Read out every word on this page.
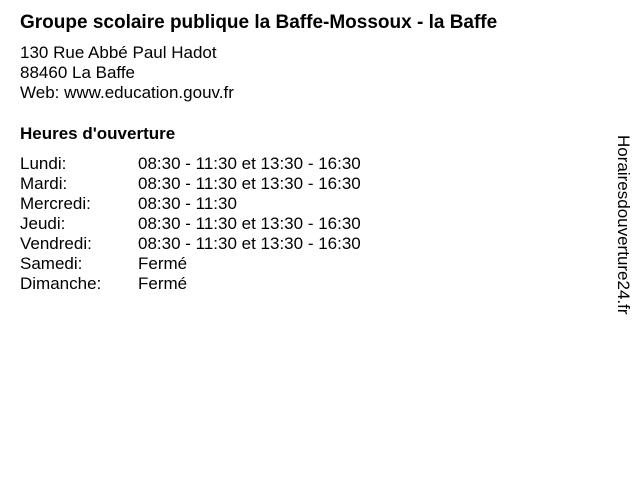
Groupe scolaire publique la Baffe-Mossoux - la Baffe
130 Rue Abbé Paul Hadot
88460 La Baffe
Web: www.education.gouv.fr
Heures d'ouverture
Lundi:	08:30 - 11:30 et 13:30 - 16:30
Mardi:	08:30 - 11:30 et 13:30 - 16:30
Mercredi:	08:30 - 11:30
Jeudi:	08:30 - 11:30 et 13:30 - 16:30
Vendredi:	08:30 - 11:30 et 13:30 - 16:30
Samedi:	Fermé
Dimanche:	Fermé	Horairesdouverture24.fr
